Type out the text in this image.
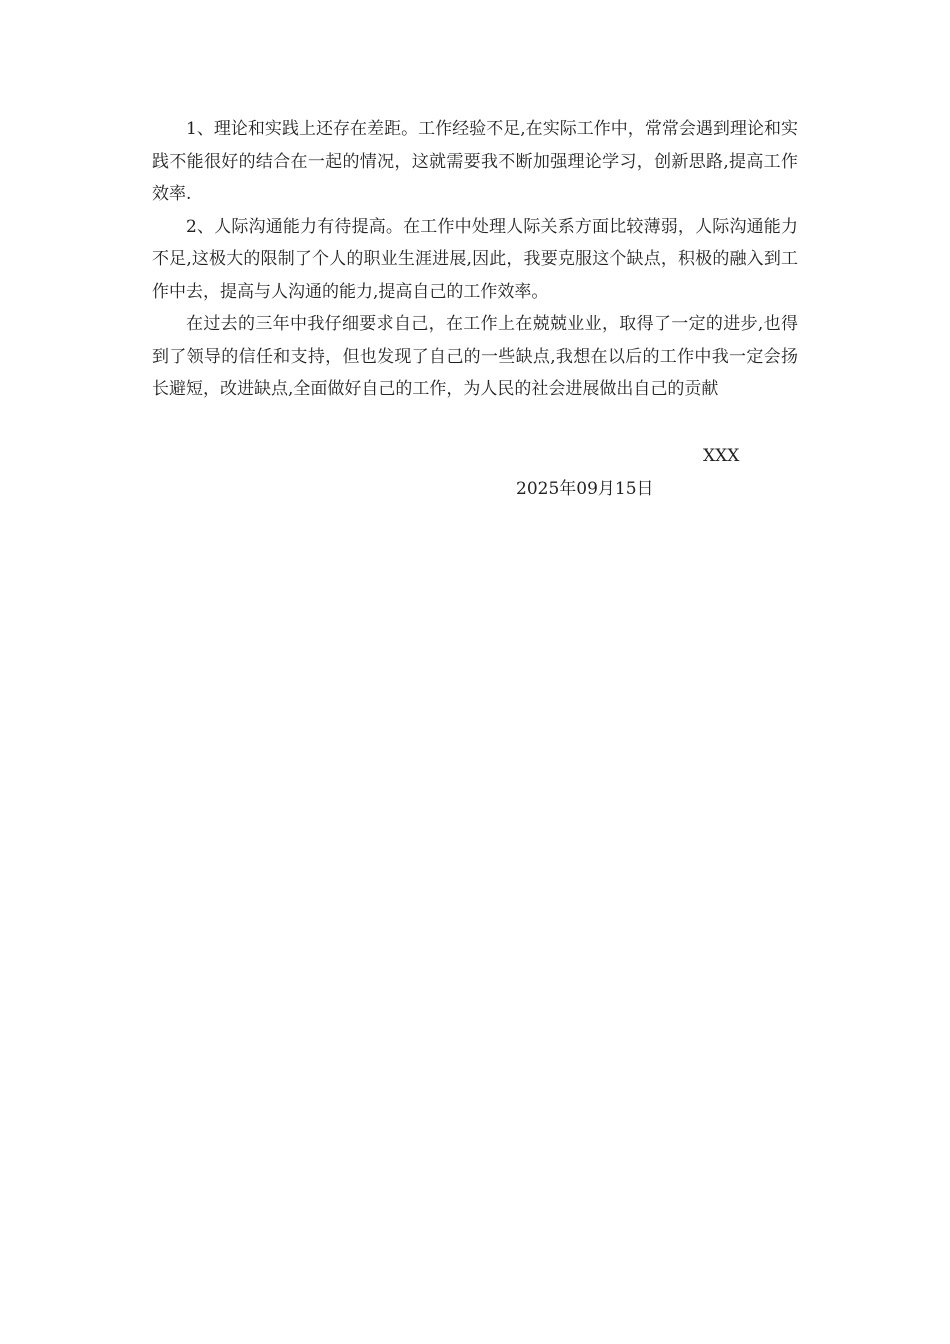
1、理论和实践上还存在差距。工作经验不足,在实际工作中，常常会遇到理论和实践不能很好的结合在一起的情况，这就需要我不断加强理论学习，创新思路,提高工作效率.

2、人际沟通能力有待提高。在工作中处理人际关系方面比较薄弱，人际沟通能力不足,这极大的限制了个人的职业生涯进展,因此，我要克服这个缺点，积极的融入到工作中去，提高与人沟通的能力,提高自己的工作效率。

在过去的三年中我仔细要求自己，在工作上在兢兢业业，取得了一定的进步,也得到了领导的信任和支持，但也发现了自己的一些缺点,我想在以后的工作中我一定会扬长避短，改进缺点,全面做好自己的工作，为人民的社会进展做出自己的贡献

XXX
2025年09月15日
